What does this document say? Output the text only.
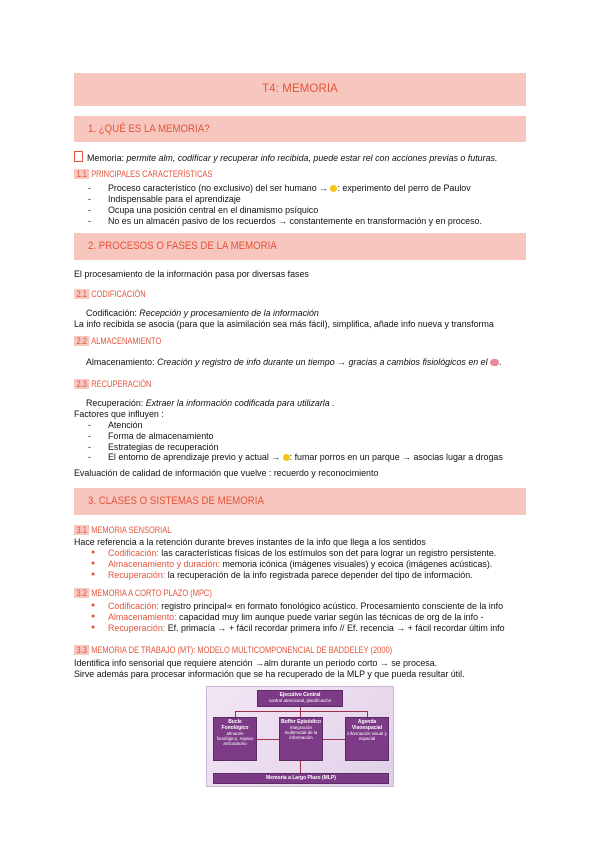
T4: MEMORIA
1. ¿QUÉ ES LA MEMORIA?
Memoria: permite alm, codificar y recuperar info recibida, puede estar rel con acciones previas o futuras.
1.1 PRINCIPALES CARACTERÍSTICAS
- Proceso característico (no exclusivo) del ser humano → : experimento del perro de Paulov
- Indispensable para el aprendizaje
- Ocupa una posición central en el dinamismo psíquico
- No es un almacén pasivo de los recuerdos → constantemente en transformación y en proceso.
2. PROCESOS O FASES DE LA MEMORIA
El procesamiento de la información pasa por diversas fases
2.1 CODIFICACIÓN
Codificación: Recepción y procesamiento de la información
La info recibida se asocia (para que la asimilación sea más fácil), simplifica, añade info nueva y transforma
2.2 ALMACENAMIENTO
Almacenamiento: Creación y registro de info durante un tiempo → gracias a cambios fisiológicos en el .
2.3 RECUPERACIÓN
Recuperación: Extraer la información codificada para utilizarla .
Factores que influyen :
- Atención
- Forma de almacenamiento
- Estrategias de recuperación
- El entorno de aprendizaje previo y actual → : fumar porros en un parque → asocias lugar a drogas
Evaluación de calidad de información que vuelve : recuerdo y reconocimiento
3. CLASES O SISTEMAS DE MEMORIA
3.1 MEMORIA SENSORIAL
Hace referencia a la retención durante breves instantes de la info que llega a los sentidos
● Codificación: las características físicas de los estímulos son det para lograr un registro persistente.
● Almacenamiento y duración: memoria icónica (imágenes visuales) y ecoica (imágenes acústicas).
● Recuperación: la recuperación de la info registrada parece depender del tipo de información.
3.2 MEMORIA A CORTO PLAZO (MPC)
● Codificación: registro principal∝ en formato fonológico acústico. Procesamiento consciente de la info
● Almacenamiento: capacidad muy lim aunque puede variar según las técnicas de org de la info -
● Recuperación: Ef. primacía → + fácil recordar primera info // Ef. recencia → + fácil recordar últim info
3.3 MEMORIA DE TRABAJO (MT): MODELO MULTICOMPONENCIAL DE BADDELEY (2000)
Identifica info sensorial que requiere atención →alm durante un periodo corto → se procesa.
Sirve además para procesar información que se ha recuperado de la MLP y que pueda resultar útil.
Ejecutivo Central
control atencional, planificación
Bucle Fonológico
almacén fonológico, repaso articulatorio
Buffer Episódico
integración multimodal de la información
Agenda Visoespacial
información visual y espacial
Memoria a Largo Plazo (MLP)
